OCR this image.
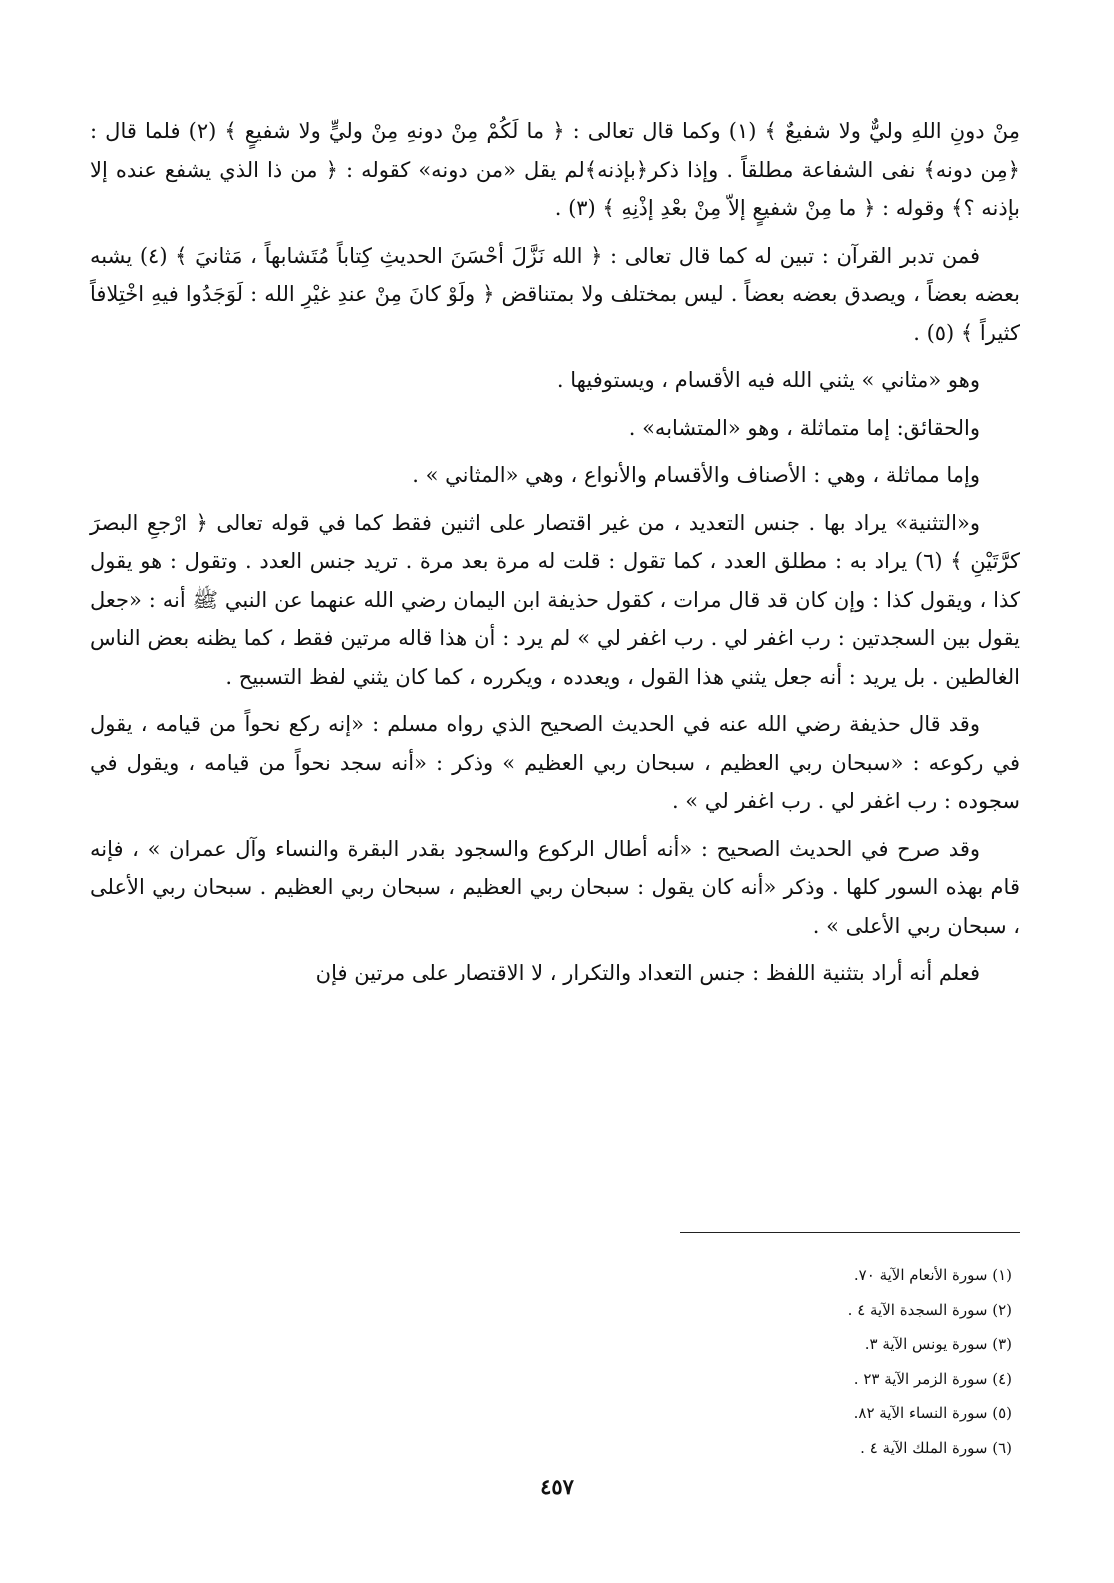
مِنْ دونِ اللهِ وليٌّ ولا شفيعٌ ﴾ (١) وكما قال تعالى : ﴿ ما لَكُمْ مِنْ دونهِ مِنْ وليٍّ ولا شفيعٍ ﴾ (٢) فلما قال : ﴿مِن دونه﴾ نفى الشفاعة مطلقاً . وإذا ذكر﴿بإذنه﴾لم يقل «من دونه» كقوله : ﴿ من ذا الذي يشفع عنده إلا بإذنه ؟﴾ وقوله : ﴿ ما مِنْ شفيعٍ إلاّ مِنْ بعْدِ إذْنِهِ ﴾ (٣) .

فمن تدبر القرآن : تبين له كما قال تعالى : ﴿ الله نَزَّلَ أحْسَنَ الحديثِ كِتاباً مُتَشابهاً ، مَثانيَ ﴾ (٤) يشبه بعضه بعضاً ، ويصدق بعضه بعضاً . ليس بمختلف ولا بمتناقض ﴿ ولَوْ كانَ مِنْ عندِ غيْرِ الله : لَوَجَدُوا فيهِ اخْتِلافاً كثيراً ﴾ (٥) .

وهو «مثاني » يثني الله فيه الأقسام ، ويستوفيها .

والحقائق: إما متماثلة ، وهو «المتشابه» .

وإما مماثلة ، وهي : الأصناف والأقسام والأنواع ، وهي «المثاني » .

و«التثنية» يراد بها . جنس التعديد ، من غير اقتصار على اثنين فقط كما في قوله تعالى ﴿ ارْجعِ البصرَ كرَّتَيْنِ ﴾ (٦) يراد به : مطلق العدد ، كما تقول : قلت له مرة بعد مرة . تريد جنس العدد . وتقول : هو يقول كذا ، ويقول كذا : وإن كان قد قال مرات ، كقول حذيفة ابن اليمان رضي الله عنهما عن النبي ﷺ أنه : «جعل يقول بين السجدتين : رب اغفر لي . رب اغفر لي » لم يرد : أن هذا قاله مرتين فقط ، كما يظنه بعض الناس الغالطين . بل يريد : أنه جعل يثني هذا القول ، ويعدده ، ويكرره ، كما كان يثني لفظ التسبيح .

وقد قال حذيفة رضي الله عنه في الحديث الصحيح الذي رواه مسلم : «إنه ركع نحواً من قيامه ، يقول في ركوعه : «سبحان ربي العظيم ، سبحان ربي العظيم » وذكر : «أنه سجد نحواً من قيامه ، ويقول في سجوده : رب اغفر لي . رب اغفر لي » .

وقد صرح في الحديث الصحيح : «أنه أطال الركوع والسجود بقدر البقرة والنساء وآل عمران » ، فإنه قام بهذه السور كلها . وذكر «أنه كان يقول : سبحان ربي العظيم ، سبحان ربي العظيم . سبحان ربي الأعلى ، سبحان ربي الأعلى » .

فعلم أنه أراد بتثنية اللفظ : جنس التعداد والتكرار ، لا الاقتصار على مرتين فإن

(١) سورة الأنعام الآية ٧٠.

(٢) سورة السجدة الآية ٤ .

(٣) سورة يونس الآية ٣.

(٤) سورة الزمر الآية ٢٣ .

(٥) سورة النساء الآية ٨٢.

(٦) سورة الملك الآية ٤ .

٤٥٧
